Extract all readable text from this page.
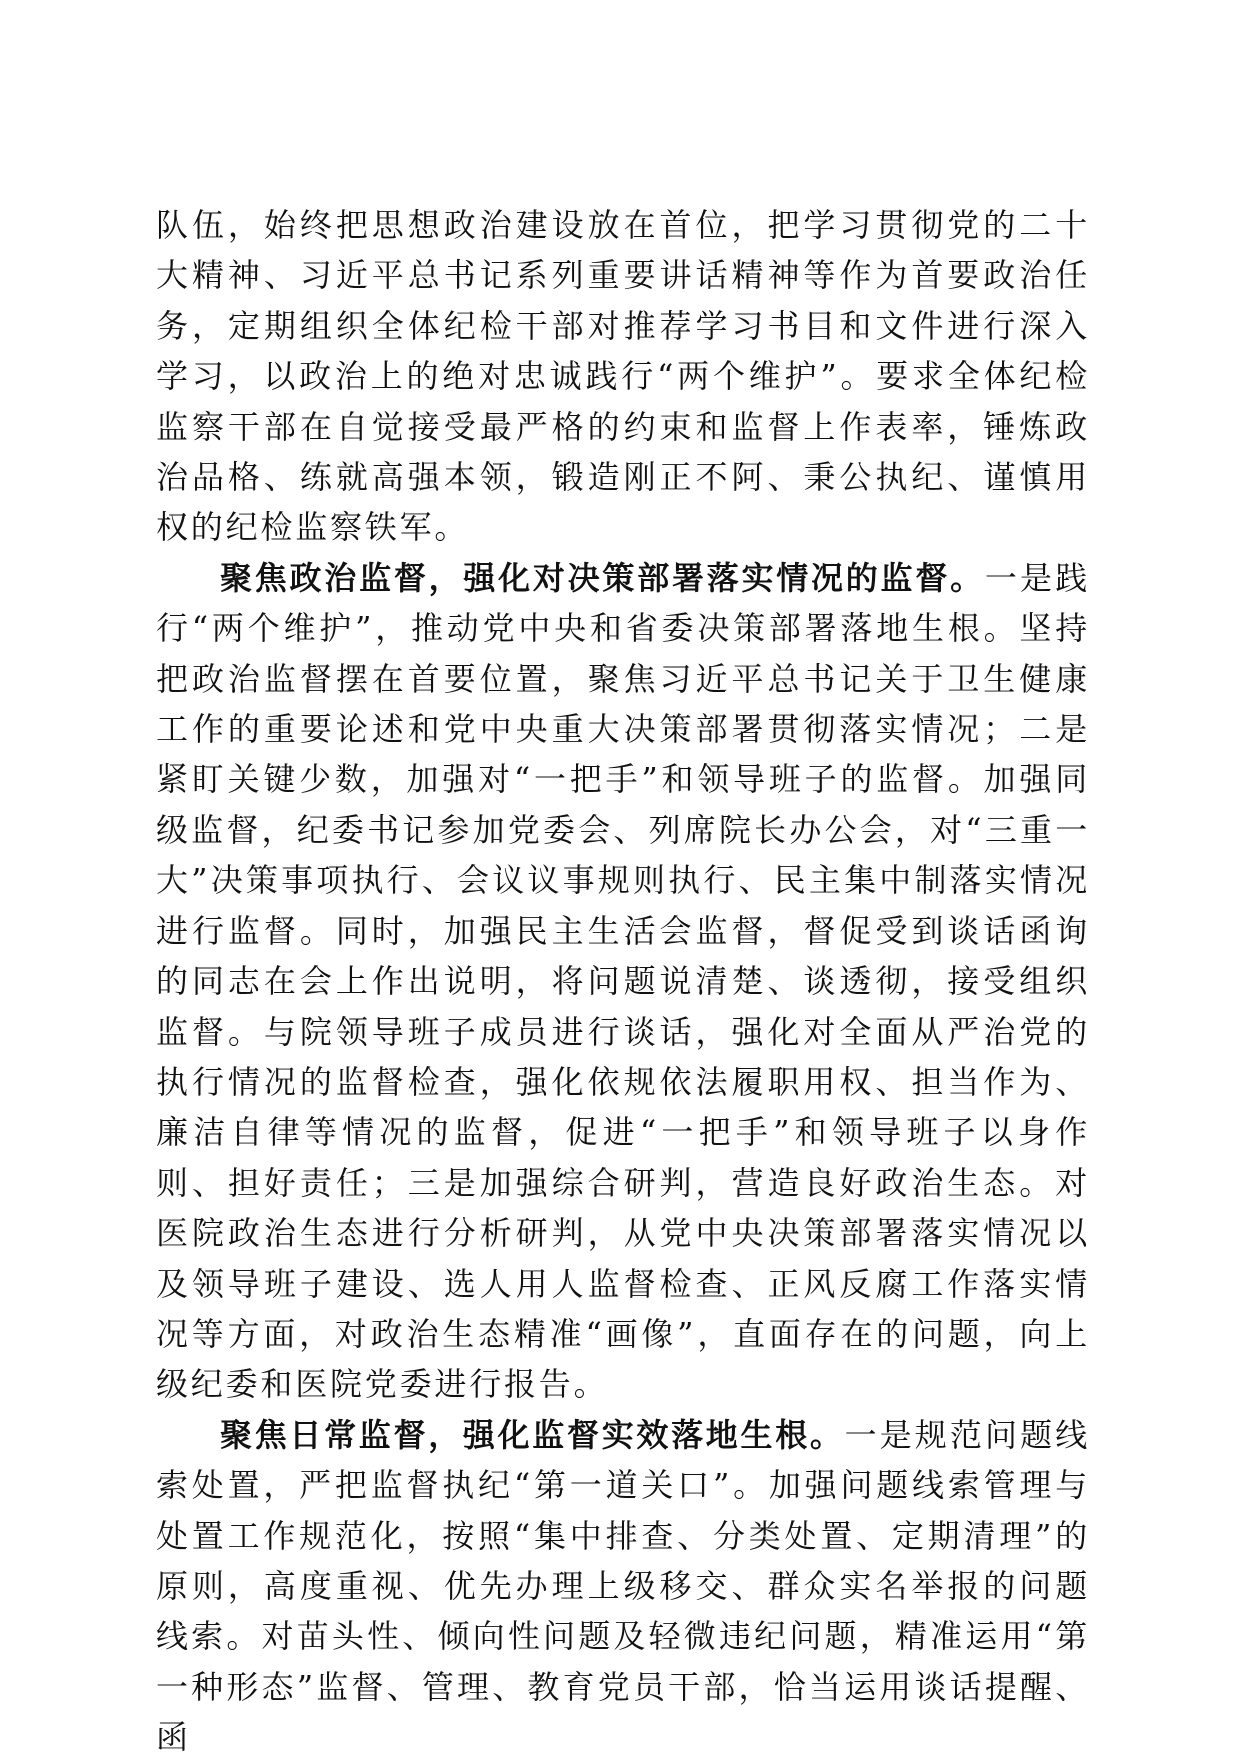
队伍，始终把思想政治建设放在首位，把学习贯彻党的二十大精神、习近平总书记系列重要讲话精神等作为首要政治任务，定期组织全体纪检干部对推荐学习书目和文件进行深入学习，以政治上的绝对忠诚践行“两个维护”。要求全体纪检监察干部在自觉接受最严格的约束和监督上作表率，锤炼政治品格、练就高强本领，锻造刚正不阿、秉公执纪、谨慎用权的纪检监察铁军。

聚焦政治监督，强化对决策部署落实情况的监督。一是践行“两个维护”，推动党中央和省委决策部署落地生根。坚持把政治监督摆在首要位置，聚焦习近平总书记关于卫生健康工作的重要论述和党中央重大决策部署贯彻落实情况；二是紧盯关键少数，加强对“一把手”和领导班子的监督。加强同级监督，纪委书记参加党委会、列席院长办公会，对“三重一大”决策事项执行、会议议事规则执行、民主集中制落实情况进行监督。同时，加强民主生活会监督，督促受到谈话函询的同志在会上作出说明，将问题说清楚、谈透彻，接受组织监督。与院领导班子成员进行谈话，强化对全面从严治党的执行情况的监督检查，强化依规依法履职用权、担当作为、廉洁自律等情况的监督，促进“一把手”和领导班子以身作则、担好责任；三是加强综合研判，营造良好政治生态。对医院政治生态进行分析研判，从党中央决策部署落实情况以及领导班子建设、选人用人监督检查、正风反腐工作落实情况等方面，对政治生态精准“画像”，直面存在的问题，向上级纪委和医院党委进行报告。

聚焦日常监督，强化监督实效落地生根。一是规范问题线索处置，严把监督执纪“第一道关口”。加强问题线索管理与处置工作规范化，按照“集中排查、分类处置、定期清理”的原则，高度重视、优先办理上级移交、群众实名举报的问题线索。对苗头性、倾向性问题及轻微违纪问题，精准运用“第一种形态”监督、管理、教育党员干部，恰当运用谈话提醒、函
